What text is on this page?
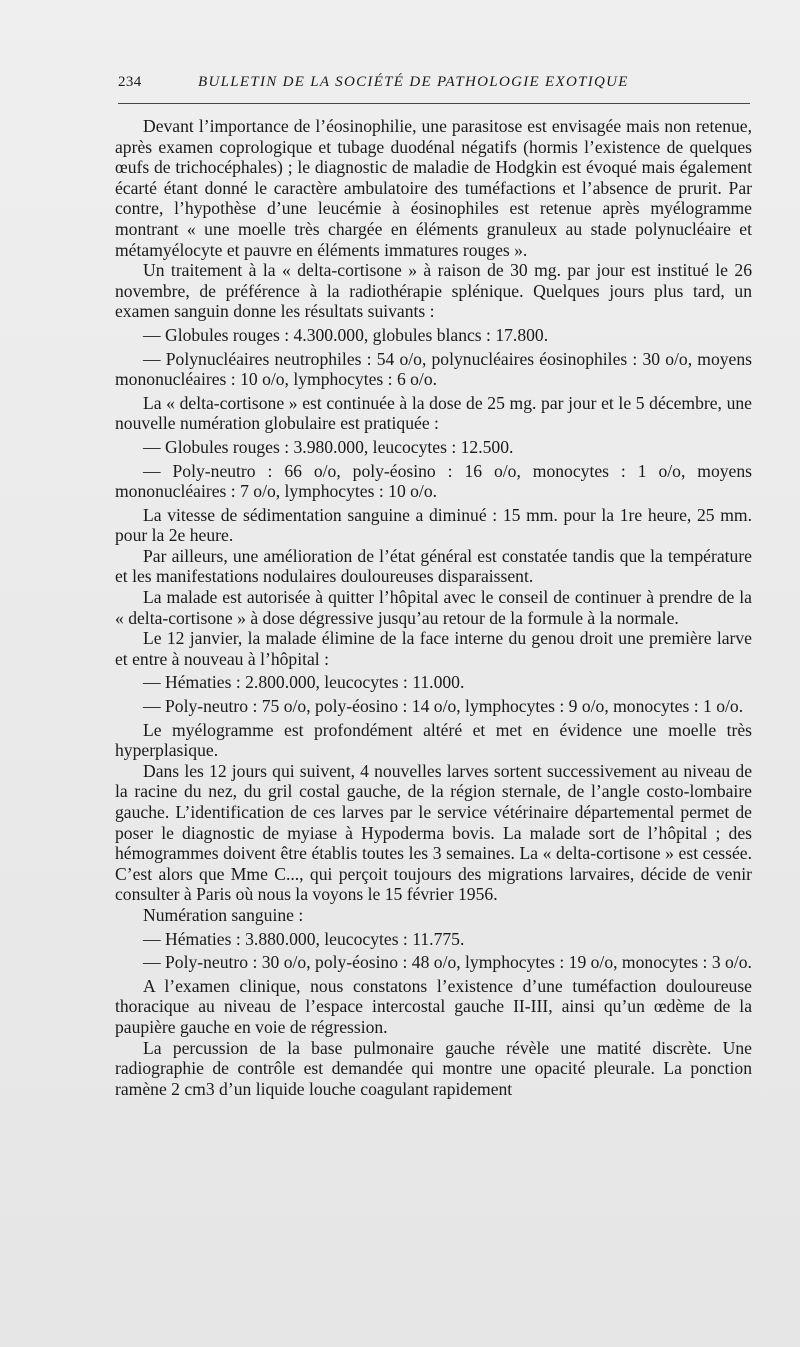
234	BULLETIN DE LA SOCIÉTÉ DE PATHOLOGIE EXOTIQUE

Devant l’importance de l’éosinophilie, une parasitose est envisagée mais non retenue, après examen coprologique et tubage duodénal négatifs (hormis l’existence de quelques œufs de trichocéphales) ; le diagnostic de maladie de Hodgkin est évoqué mais également écarté étant donné le caractère ambulatoire des tuméfactions et l’absence de prurit. Par contre, l’hypothèse d’une leucémie à éosinophiles est retenue après myélogramme montrant « une moelle très chargée en éléments granuleux au stade polynucléaire et métamyélocyte et pauvre en éléments immatures rouges ».

Un traitement à la « delta-cortisone » à raison de 30 mg. par jour est institué le 26 novembre, de préférence à la radiothérapie splénique. Quelques jours plus tard, un examen sanguin donne les résultats suivants :

— Globules rouges : 4.300.000, globules blancs : 17.800.

— Polynucléaires neutrophiles : 54 o/o, polynucléaires éosinophiles : 30 o/o, moyens mononucléaires : 10 o/o, lymphocytes : 6 o/o.

La « delta-cortisone » est continuée à la dose de 25 mg. par jour et le 5 décembre, une nouvelle numération globulaire est pratiquée :

— Globules rouges : 3.980.000, leucocytes : 12.500.

— Poly-neutro : 66 o/o, poly-éosino : 16 o/o, monocytes : 1 o/o, moyens mononucléaires : 7 o/o, lymphocytes : 10 o/o.

La vitesse de sédimentation sanguine a diminué : 15 mm. pour la 1re heure, 25 mm. pour la 2e heure.

Par ailleurs, une amélioration de l’état général est constatée tandis que la température et les manifestations nodulaires douloureuses disparaissent.

La malade est autorisée à quitter l’hôpital avec le conseil de continuer à prendre de la « delta-cortisone » à dose dégressive jusqu’au retour de la formule à la normale.

Le 12 janvier, la malade élimine de la face interne du genou droit une première larve et entre à nouveau à l’hôpital :

— Hématies : 2.800.000, leucocytes : 11.000.

— Poly-neutro : 75 o/o, poly-éosino : 14 o/o, lymphocytes : 9 o/o, monocytes : 1 o/o.

Le myélogramme est profondément altéré et met en évidence une moelle très hyperplasique.

Dans les 12 jours qui suivent, 4 nouvelles larves sortent successivement au niveau de la racine du nez, du gril costal gauche, de la région sternale, de l’angle costo-lombaire gauche. L’identification de ces larves par le service vétérinaire départemental permet de poser le diagnostic de myiase à Hypoderma bovis. La malade sort de l’hôpital ; des hémogrammes doivent être établis toutes les 3 semaines. La « delta-cortisone » est cessée. C’est alors que Mme C..., qui perçoit toujours des migrations larvaires, décide de venir consulter à Paris où nous la voyons le 15 février 1956.

Numération sanguine :

— Hématies : 3.880.000, leucocytes : 11.775.

— Poly-neutro : 30 o/o, poly-éosino : 48 o/o, lymphocytes : 19 o/o, monocytes : 3 o/o.

A l’examen clinique, nous constatons l’existence d’une tuméfaction douloureuse thoracique au niveau de l’espace intercostal gauche II-III, ainsi qu’un œdème de la paupière gauche en voie de régression.

La percussion de la base pulmonaire gauche révèle une matité discrète. Une radiographie de contrôle est demandée qui montre une opacité pleurale. La ponction ramène 2 cm3 d’un liquide louche coagulant rapidement
